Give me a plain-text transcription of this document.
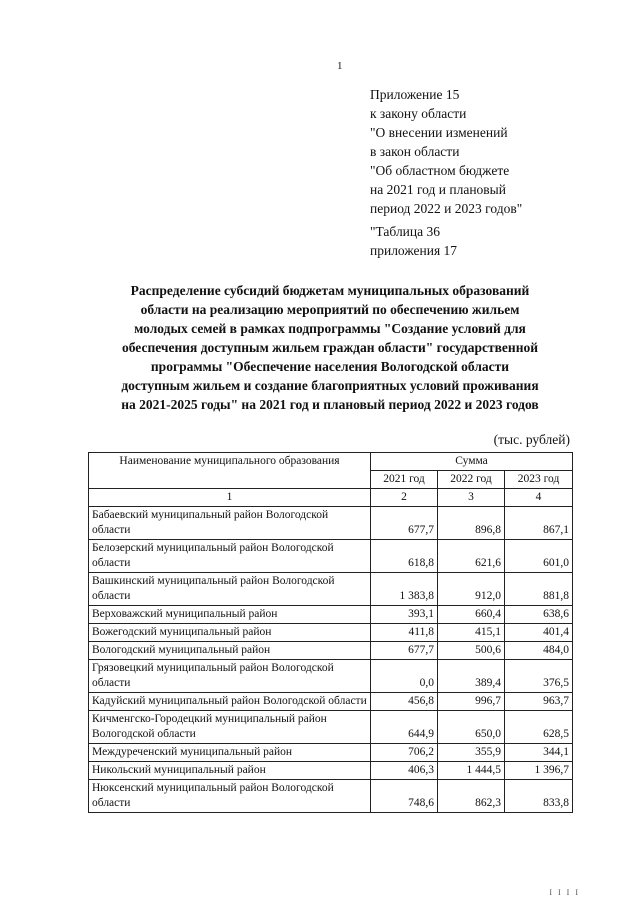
1
Приложение 15
к закону области
"О внесении изменений
в закон области
"Об областном бюджете
на 2021 год и плановый
период 2022 и 2023 годов"
"Таблица 36
приложения 17
Распределение субсидий бюджетам муниципальных образований
области на реализацию мероприятий по обеспечению жильем
молодых семей в рамках подпрограммы "Создание условий для
обеспечения доступным жильем граждан области" государственной
программы "Обеспечение населения Вологодской области
доступным жильем и создание благоприятных условий проживания
на 2021-2025 годы" на 2021 год и плановый период 2022 и 2023 годов
(тыс. рублей)
Наименование муниципального образования	Сумма		
	2021 год	2022 год	2023 год
1	2	3	4
Бабаевский муниципальный район Вологодской области	677,7	896,8	867,1
Белозерский муниципальный район Вологодской области	618,8	621,6	601,0
Вашкинский муниципальный район Вологодской области	1 383,8	912,0	881,8
Верховажский муниципальный район	393,1	660,4	638,6
Вожегодский муниципальный район	411,8	415,1	401,4
Вологодский муниципальный район	677,7	500,6	484,0
Грязовецкий муниципальный район Вологодской области	0,0	389,4	376,5
Кадуйский муниципальный район Вологодской области	456,8	996,7	963,7
Кичменгско-Городецкий муниципальный район Вологодской области	644,9	650,0	628,5
Междуреченский муниципальный район	706,2	355,9	344,1
Никольский муниципальный район	406,3	1 444,5	1 396,7
Нюксенский муниципальный район Вологодской области	748,6	862,3	833,8
I I I I
